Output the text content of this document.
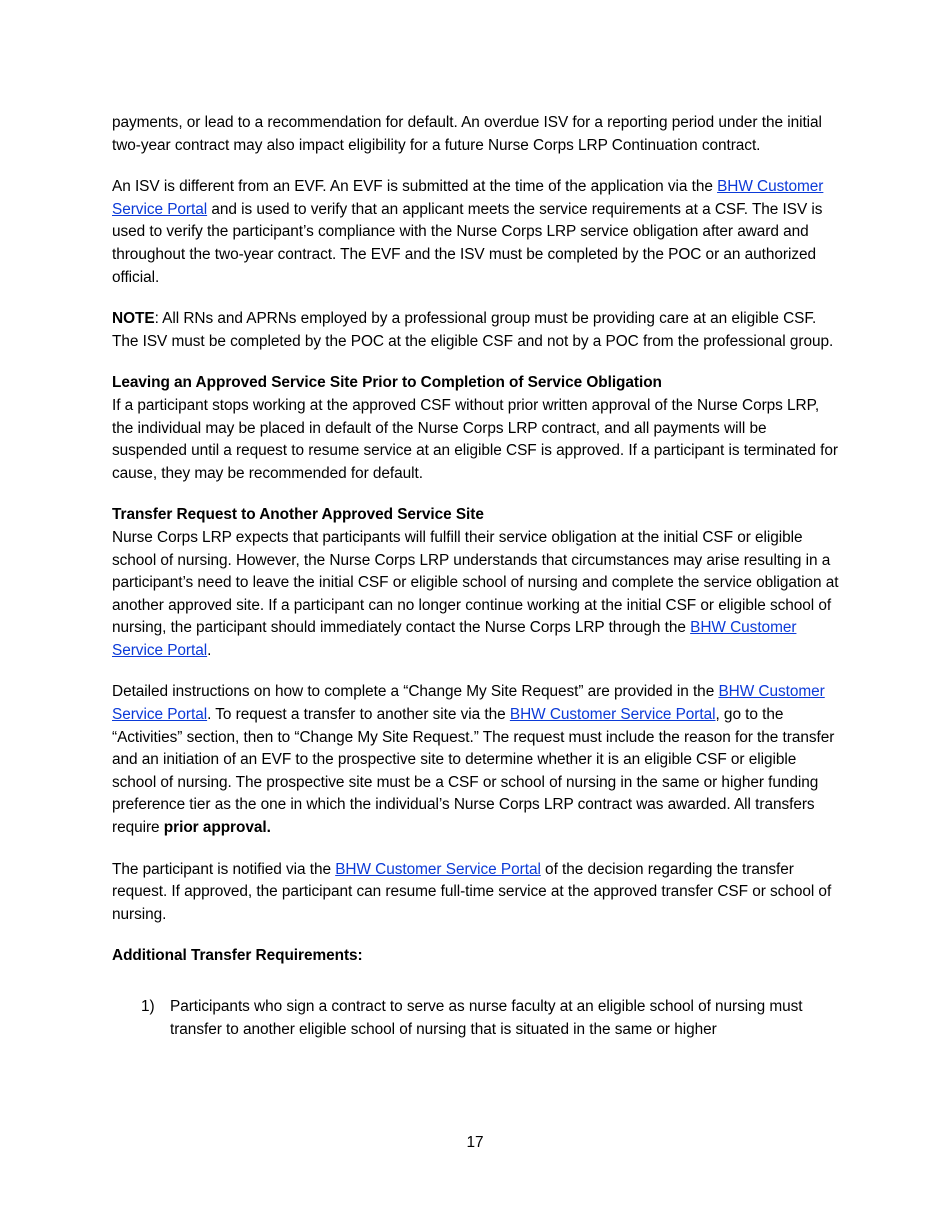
payments, or lead to a recommendation for default. An overdue ISV for a reporting period under the initial two-year contract may also impact eligibility for a future Nurse Corps LRP Continuation contract.

An ISV is different from an EVF. An EVF is submitted at the time of the application via the BHW Customer Service Portal and is used to verify that an applicant meets the service requirements at a CSF. The ISV is used to verify the participant’s compliance with the Nurse Corps LRP service obligation after award and throughout the two-year contract. The EVF and the ISV must be completed by the POC or an authorized official.

NOTE: All RNs and APRNs employed by a professional group must be providing care at an eligible CSF. The ISV must be completed by the POC at the eligible CSF and not by a POC from the professional group.

Leaving an Approved Service Site Prior to Completion of Service Obligation

If a participant stops working at the approved CSF without prior written approval of the Nurse Corps LRP, the individual may be placed in default of the Nurse Corps LRP contract, and all payments will be suspended until a request to resume service at an eligible CSF is approved. If a participant is terminated for cause, they may be recommended for default.

Transfer Request to Another Approved Service Site

Nurse Corps LRP expects that participants will fulfill their service obligation at the initial CSF or eligible school of nursing. However, the Nurse Corps LRP understands that circumstances may arise resulting in a participant’s need to leave the initial CSF or eligible school of nursing and complete the service obligation at another approved site. If a participant can no longer continue working at the initial CSF or eligible school of nursing, the participant should immediately contact the Nurse Corps LRP through the BHW Customer Service Portal.

Detailed instructions on how to complete a “Change My Site Request” are provided in the BHW Customer Service Portal. To request a transfer to another site via the BHW Customer Service Portal, go to the “Activities” section, then to “Change My Site Request.” The request must include the reason for the transfer and an initiation of an EVF to the prospective site to determine whether it is an eligible CSF or eligible school of nursing. The prospective site must be a CSF or school of nursing in the same or higher funding preference tier as the one in which the individual’s Nurse Corps LRP contract was awarded. All transfers require prior approval.

The participant is notified via the BHW Customer Service Portal of the decision regarding the transfer request. If approved, the participant can resume full-time service at the approved transfer CSF or school of nursing.

Additional Transfer Requirements:
1) Participants who sign a contract to serve as nurse faculty at an eligible school of nursing must transfer to another eligible school of nursing that is situated in the same or higher
17
